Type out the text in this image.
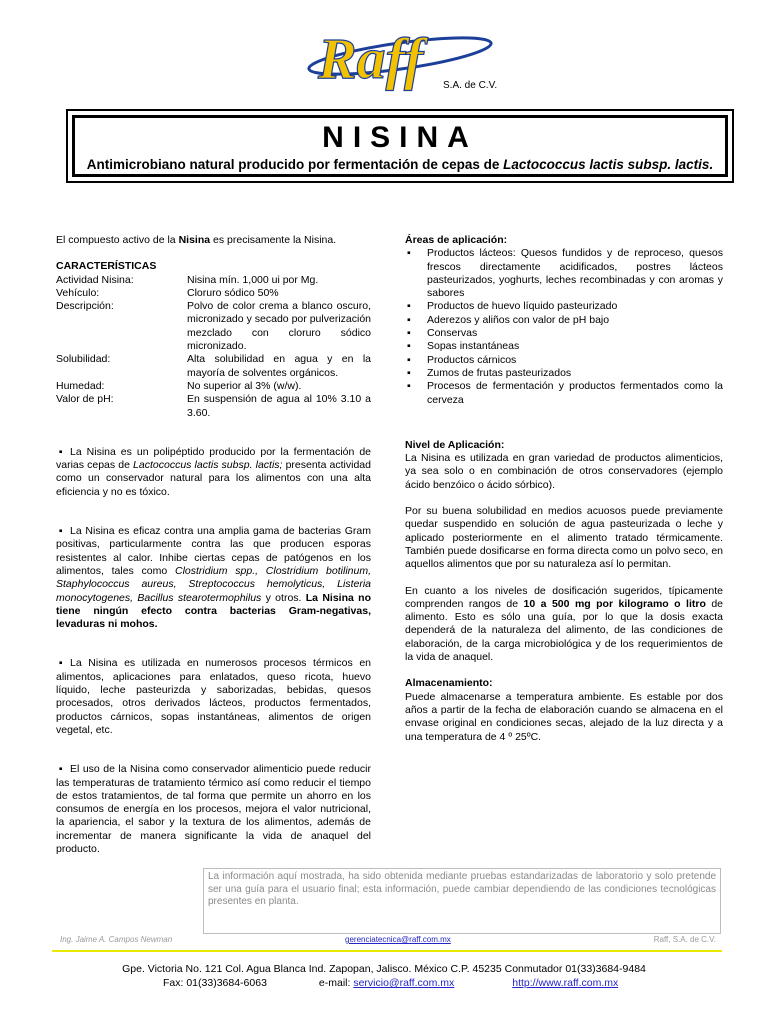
Raff	S.A. de C.V.
NISINA
Antimicrobiano natural producido por fermentación de cepas de Lactococcus lactis subsp. lactis.

El compuesto activo de la Nisina es precisamente la Nisina.

CARACTERÍSTICAS

Actividad Nisina:	Nisina mín. 1,000 ui por Mg.
Vehículo:	Cloruro sódico 50%
Descripción:	Polvo de color crema a blanco oscuro, micronizado y secado por pulverización mezclado con cloruro sódico micronizado.
Solubilidad:	Alta solubilidad en agua y en la mayoría de solventes orgánicos.
Humedad:	No superior al 3% (w/w).
Valor de pH:	En suspensión de agua al 10% 3.10 a 3.60.

▪ La Nisina es un polipéptido producido por la fermentación de varias cepas de Lactococcus lactis subsp. lactis; presenta actividad como un conservador natural para los alimentos con una alta eficiencia y no es tóxico.

▪ La Nisina es eficaz contra una amplia gama de bacterias Gram positivas, particularmente contra las que producen esporas resistentes al calor. Inhibe ciertas cepas de patógenos en los alimentos, tales como Clostridium spp., Clostridium botilinum, Staphylococcus aureus, Streptococcus hemolyticus, Listeria monocytogenes, Bacillus stearotermophilus y otros. La Nisina no tiene ningún efecto contra bacterias Gram-negativas, levaduras ni mohos.

▪ La Nisina es utilizada en numerosos procesos térmicos en alimentos, aplicaciones para enlatados, queso ricota, huevo líquido, leche pasteurizda y saborizadas, bebidas, quesos procesados, otros derivados lácteos, productos fermentados, productos cárnicos, sopas instantáneas, alimentos de origen vegetal, etc.

▪ El uso de la Nisina como conservador alimenticio puede reducir las temperaturas de tratamiento térmico así como reducir el tiempo de estos tratamientos, de tal forma que permite un ahorro en los consumos de energía en los procesos, mejora el valor nutricional, la apariencia, el sabor y la textura de los alimentos, además de incrementar de manera significante la vida de anaquel del producto.

Áreas de aplicación:

▪ Productos lácteos: Quesos fundidos y de reproceso, quesos frescos directamente acidificados, postres lácteos pasteurizados, yoghurts, leches recombinadas y con aromas y sabores
▪ Productos de huevo líquido pasteurizado
▪ Aderezos y aliños con valor de pH bajo
▪ Conservas
▪ Sopas instantáneas
▪ Productos cárnicos
▪ Zumos de frutas pasteurizados
▪ Procesos de fermentación y productos fermentados como la cerveza

Nivel de Aplicación:

La Nisina es utilizada en gran variedad de productos alimenticios, ya sea solo o en combinación de otros conservadores (ejemplo ácido benzóico o ácido sórbico).

Por su buena solubilidad en medios acuosos puede previamente quedar suspendido en solución de agua pasteurizada o leche y aplicado posteriormente en el alimento tratado térmicamente. También puede dosificarse en forma directa como un polvo seco, en aquellos alimentos que por su naturaleza así lo permitan.

En cuanto a los niveles de dosificación sugeridos, típicamente comprenden rangos de 10 a 500 mg por kilogramo o litro de alimento. Esto es sólo una guía, por lo que la dosis exacta dependerá de la naturaleza del alimento, de las condiciones de elaboración, de la carga microbiológica y de los requerimientos de la vida de anaquel.

Almacenamiento:

Puede almacenarse a temperatura ambiente. Es estable por dos años a partir de la fecha de elaboración cuando se almacena en el envase original en condiciones secas, alejado de la luz directa y a una temperatura de 4 º 25ºC.

La información aquí mostrada, ha sido obtenida mediante pruebas estandarizadas de laboratorio y solo pretende ser una guía para el usuario final; esta información, puede cambiar dependiendo de las condiciones tecnológicas presentes en planta.
Ing. Jaime A. Campos Newman	gerenciatecnica@raff.com.mx	Raff, S.A. de C.V.
Gpe. Victoria No. 121 Col. Agua Blanca Ind. Zapopan, Jalisco. México C.P. 45235 Conmutador 01(33)3684-9484
Fax: 01(33)3684-6063	e-mail: servicio@raff.com.mx	http://www.raff.com.mx
